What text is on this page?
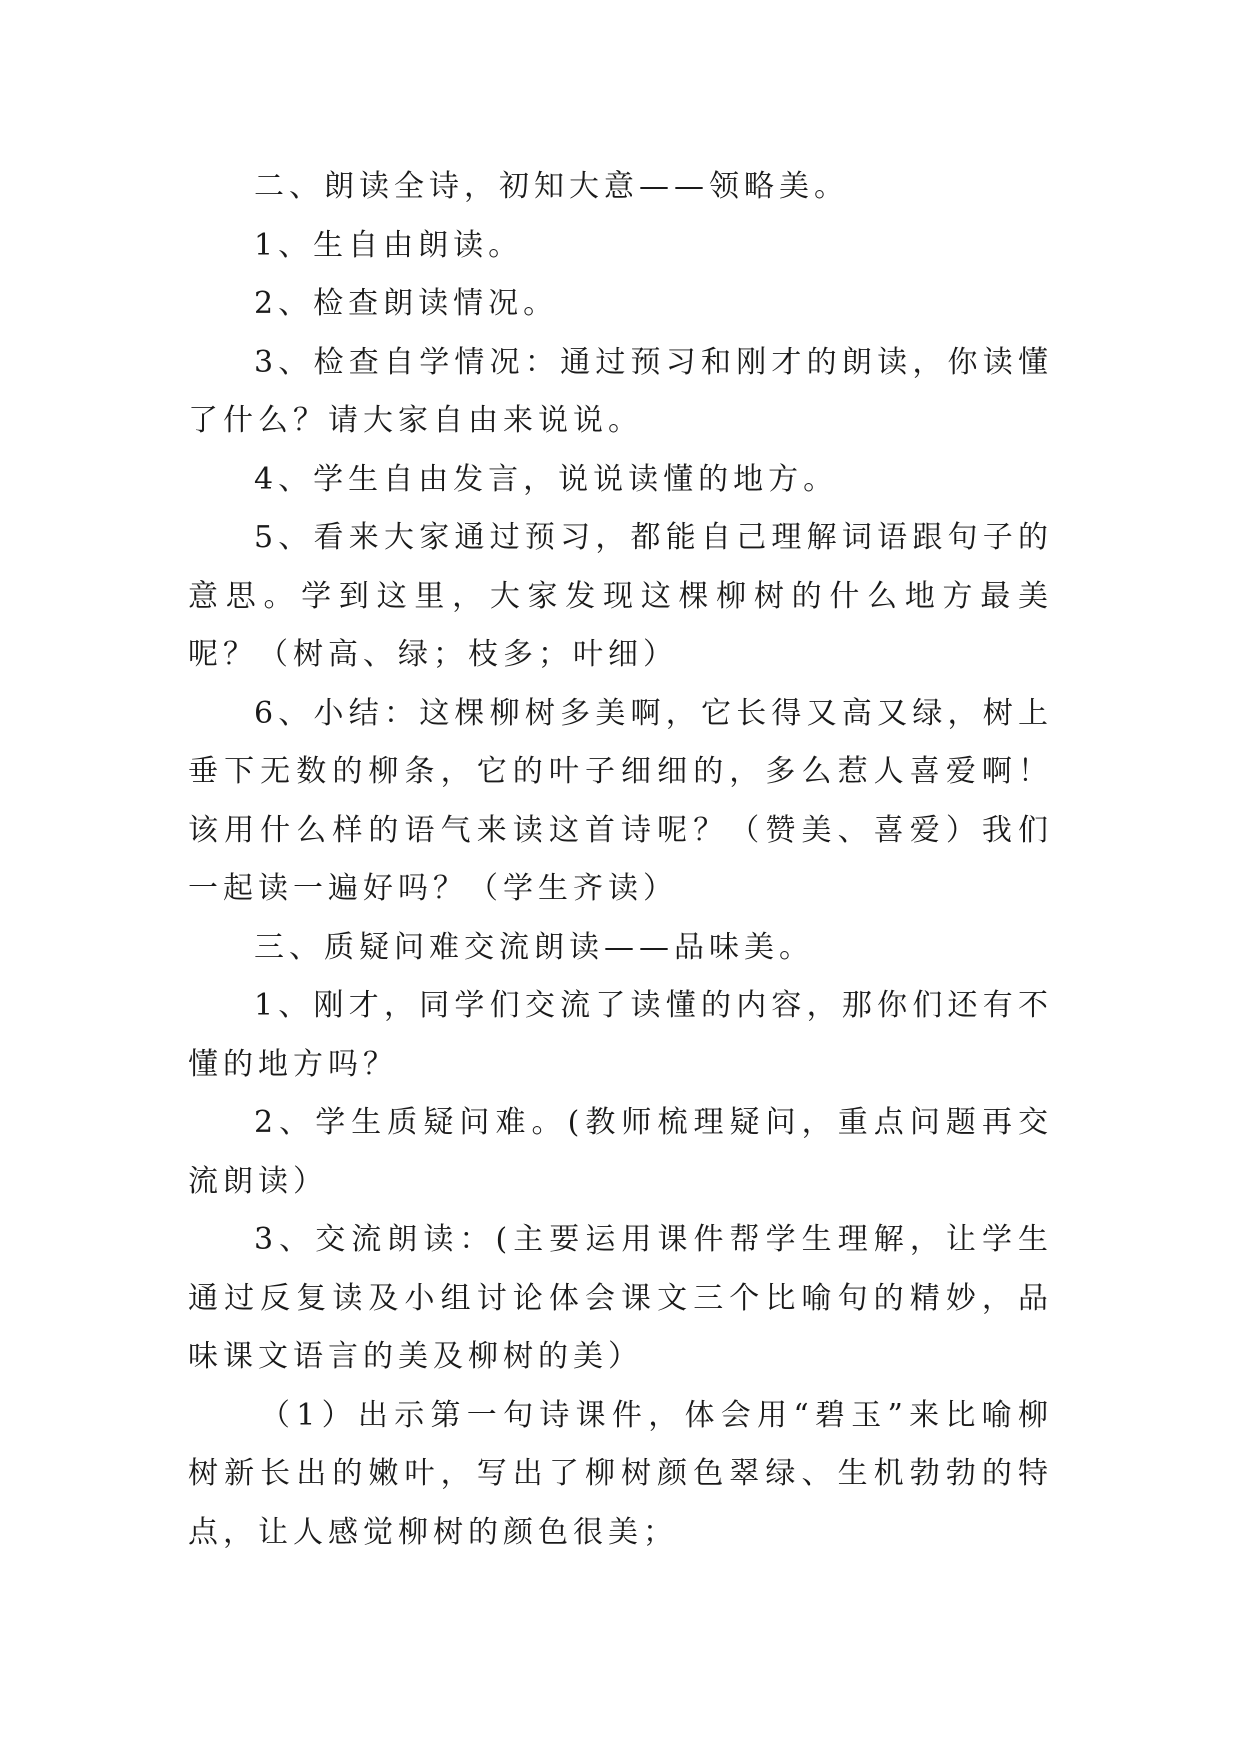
二、朗读全诗，初知大意——领略美。

1、生自由朗读。

2、检查朗读情况。

3、检查自学情况：通过预习和刚才的朗读，你读懂了什么？请大家自由来说说。

4、学生自由发言，说说读懂的地方。

5、看来大家通过预习，都能自己理解词语跟句子的意思。学到这里，大家发现这棵柳树的什么地方最美呢？（树高、绿；枝多；叶细）

6、小结：这棵柳树多美啊，它长得又高又绿，树上垂下无数的柳条，它的叶子细细的，多么惹人喜爱啊！该用什么样的语气来读这首诗呢？（赞美、喜爱）我们一起读一遍好吗？（学生齐读）

三、质疑问难交流朗读——品味美。

1、刚才，同学们交流了读懂的内容，那你们还有不懂的地方吗？

2、学生质疑问难。(教师梳理疑问，重点问题再交流朗读）

3、交流朗读：(主要运用课件帮学生理解，让学生通过反复读及小组讨论体会课文三个比喻句的精妙，品味课文语言的美及柳树的美）

（1）出示第一句诗课件，体会用“碧玉”来比喻柳树新长出的嫩叶，写出了柳树颜色翠绿、生机勃勃的特点，让人感觉柳树的颜色很美；
